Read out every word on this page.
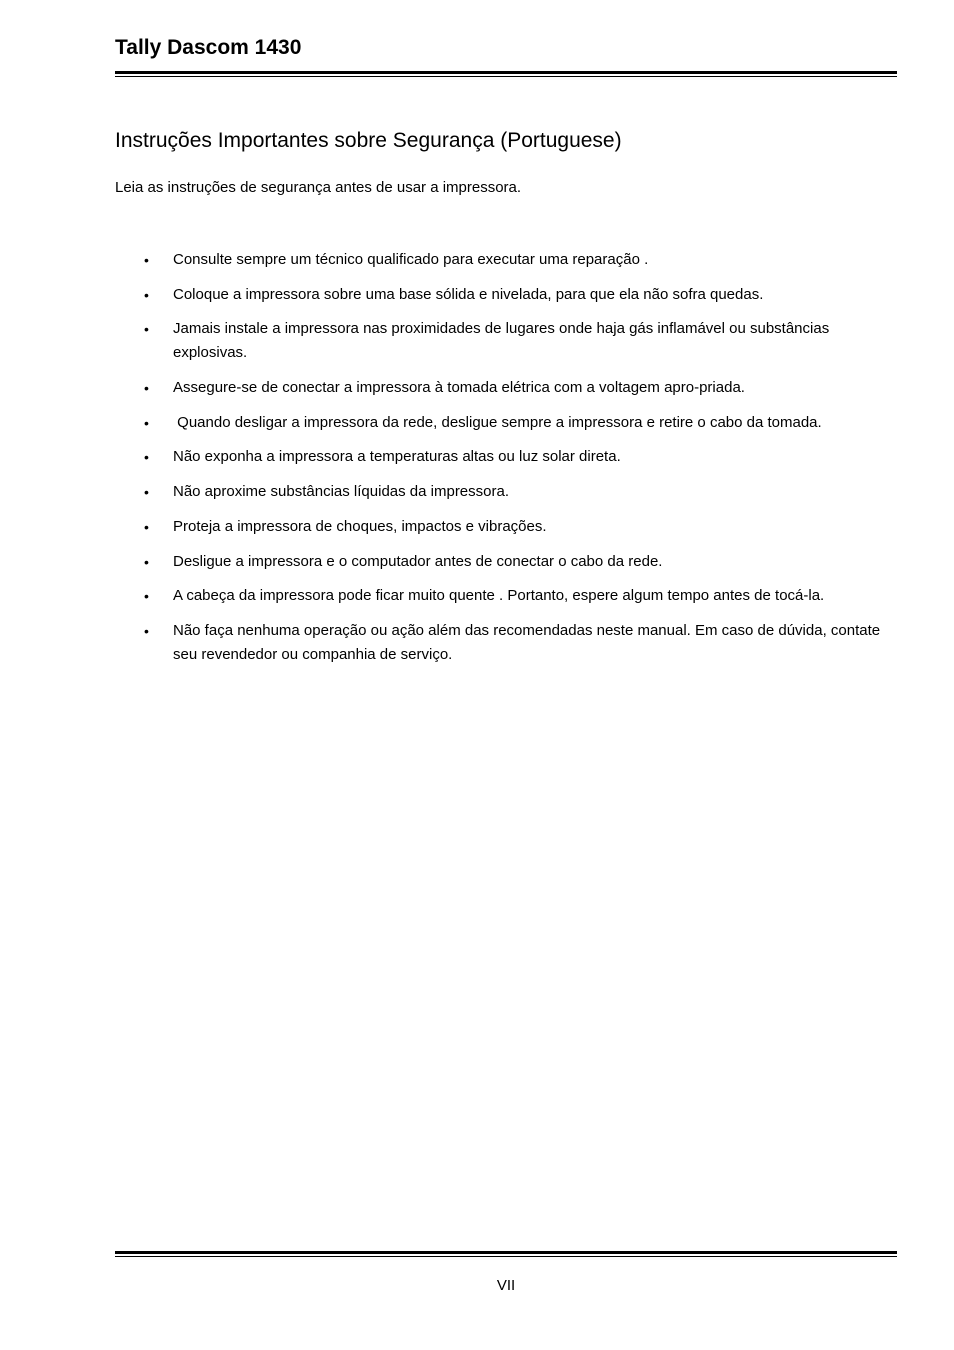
Tally Dascom 1430
Instruções Importantes sobre Segurança (Portuguese)

Leia as instruções de segurança antes de usar a impressora.

• Consulte sempre um técnico qualificado para executar uma reparação .
• Coloque a impressora sobre uma base sólida e nivelada, para que ela não sofra quedas.
• Jamais instale a impressora nas proximidades de lugares onde haja gás inflamável ou substâncias explosivas.
• Assegure-se de conectar a impressora à tomada elétrica com a voltagem apro-priada.
• Quando desligar a impressora da rede, desligue sempre a impressora e retire o cabo da tomada.
• Não exponha a impressora a temperaturas altas ou luz solar direta.
• Não aproxime substâncias líquidas da impressora.
• Proteja a impressora de choques, impactos e vibrações.
• Desligue a impressora e o computador antes de conectar o cabo da rede.
• A cabeça da impressora pode ficar muito quente . Portanto, espere algum tempo antes de tocá-la.
• Não faça nenhuma operação ou ação além das recomendadas neste manual. Em caso de dúvida, contate seu revendedor ou companhia de serviço.

VII
